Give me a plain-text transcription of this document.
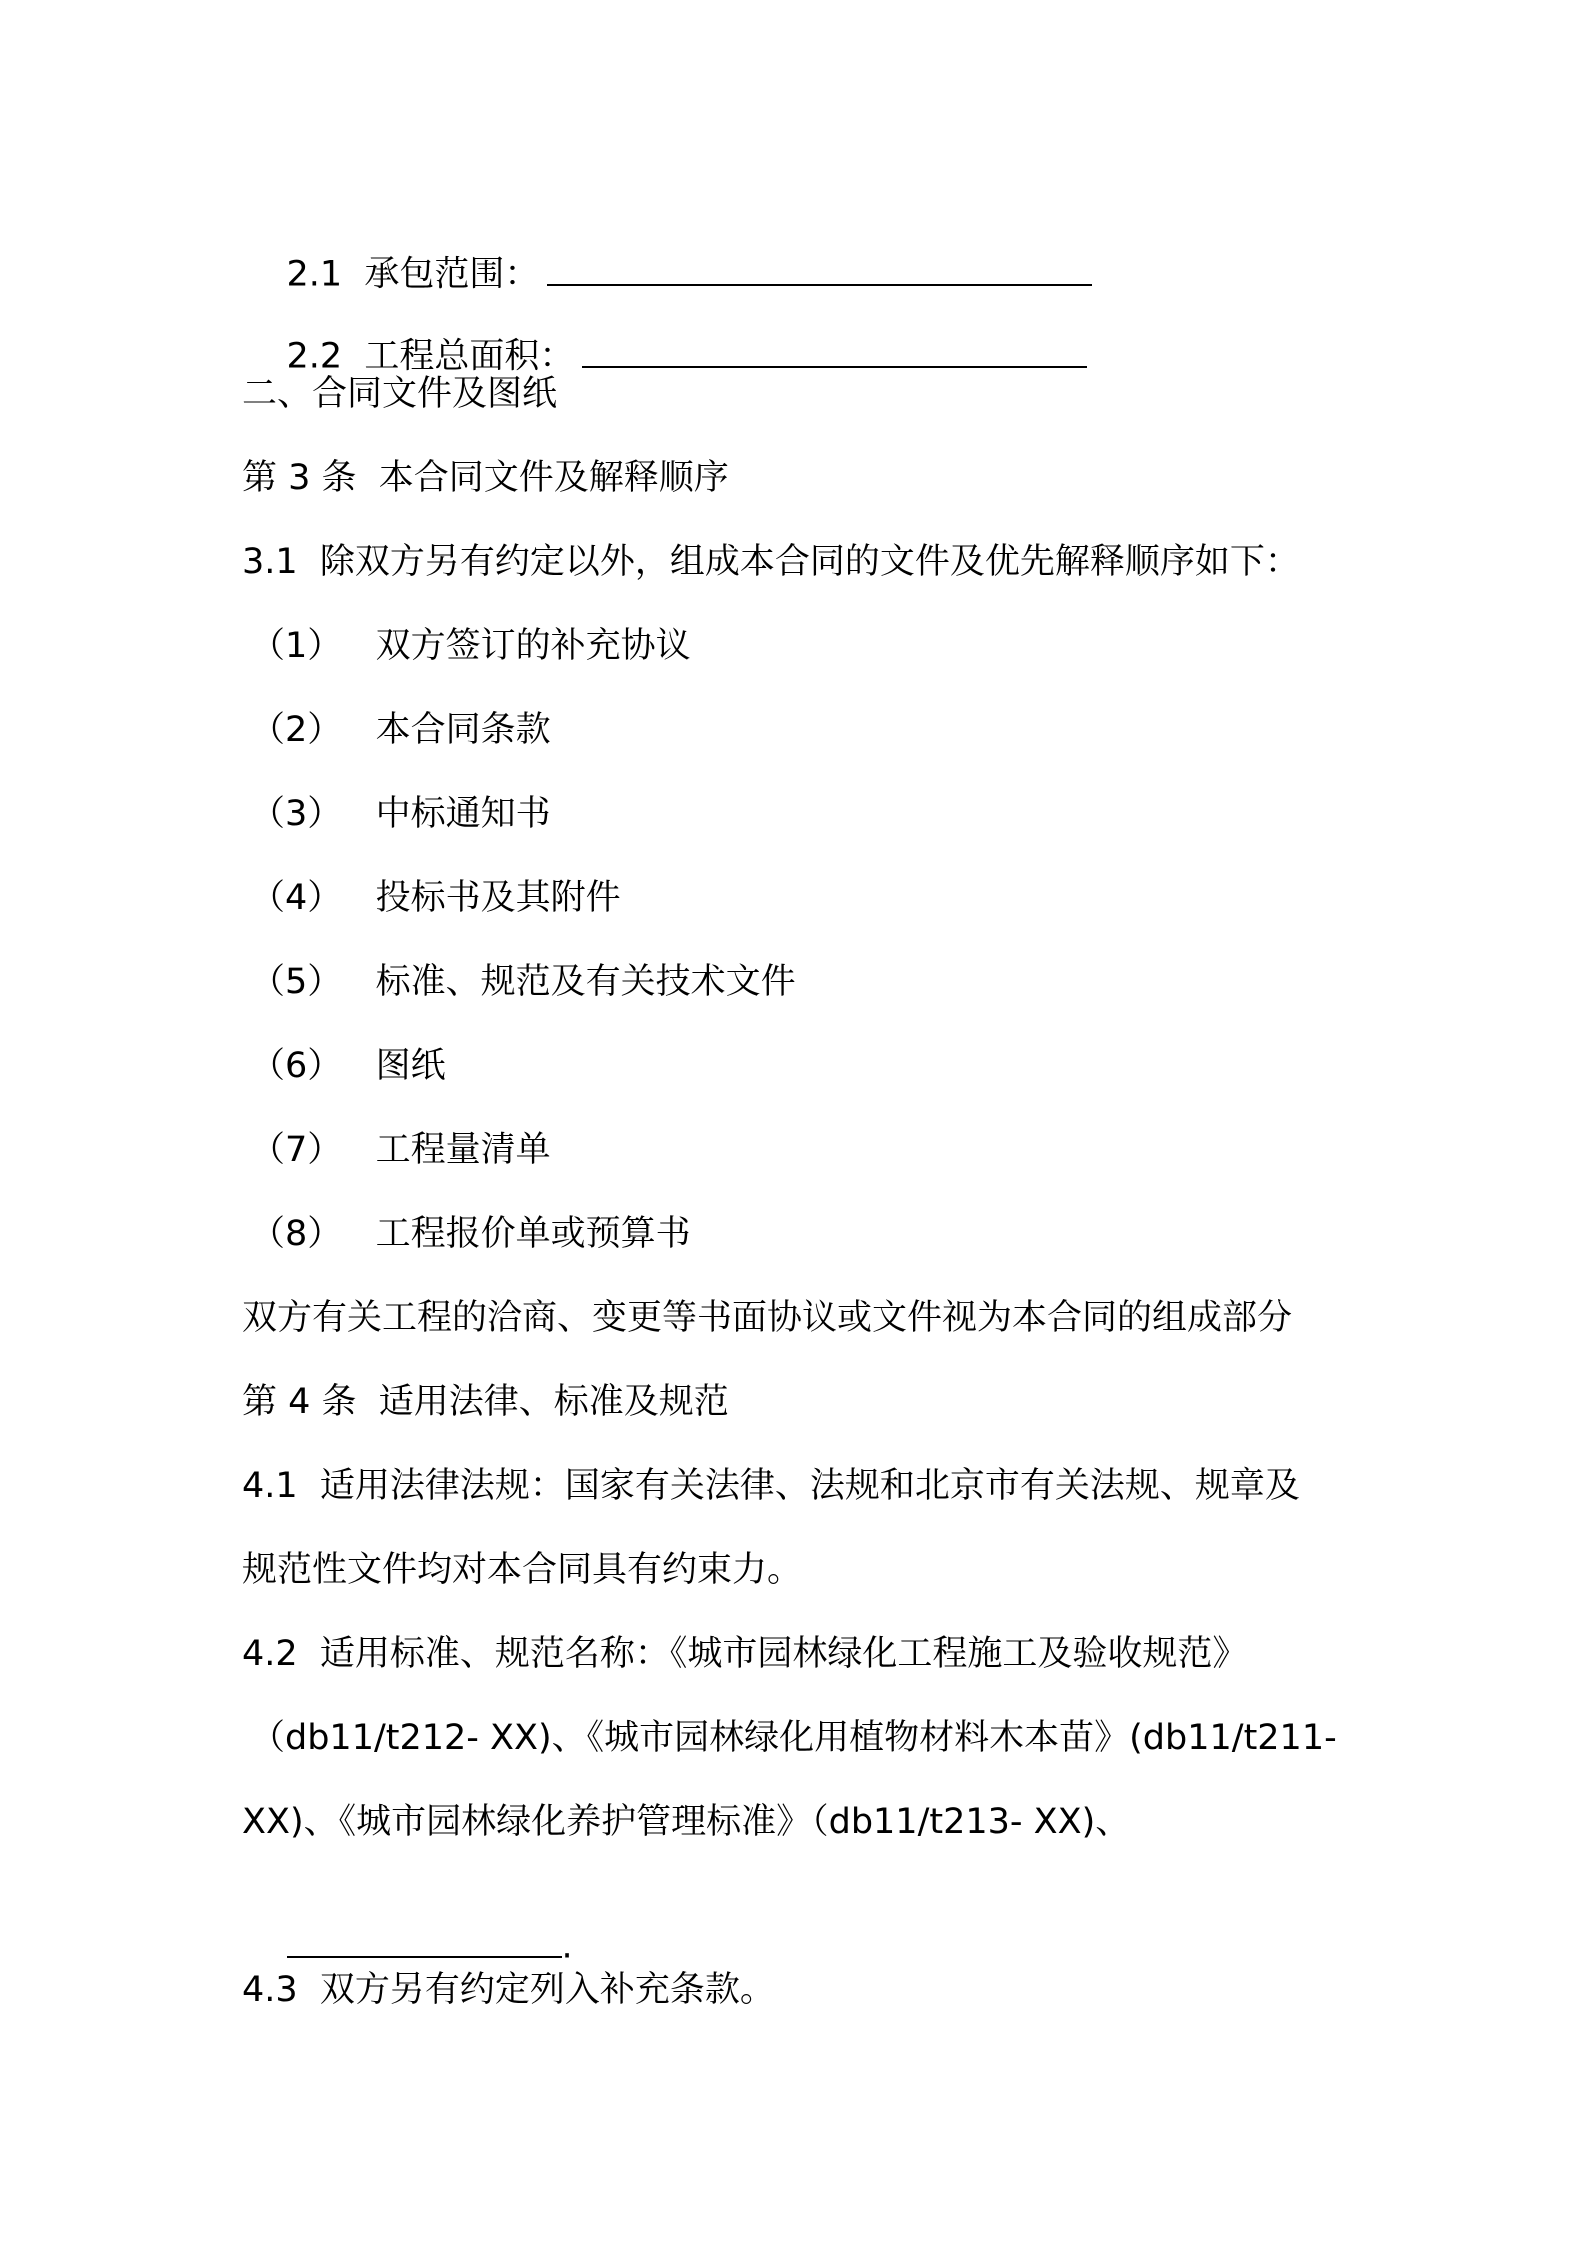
2.1  承包范围：

2.2  工程总面积：

二、合同文件及图纸
第 3 条  本合同文件及解释顺序
3.1  除双方另有约定以外，组成本合同的文件及优先解释顺序如下：
（1）   双方签订的补充协议
（2）   本合同条款
（3）   中标通知书
（4）   投标书及其附件
（5）   标准、规范及有关技术文件
（6）   图纸
（7）   工程量清单
（8）   工程报价单或预算书
双方有关工程的洽商、变更等书面协议或文件视为本合同的组成部分
第 4 条  适用法律、标准及规范
4.1  适用法律法规：国家有关法律、法规和北京市有关法规、规章及
规范性文件均对本合同具有约束力。
4.2  适用标准、规范名称：《城市园林绿化工程施工及验收规范》
（db11/t212- XX)、《城市园林绿化用植物材料木本苗》(db11/t211-
XX)、《城市园林绿化养护管理标准》（db11/t213- XX)、

.

4.3  双方另有约定列入补充条款。
